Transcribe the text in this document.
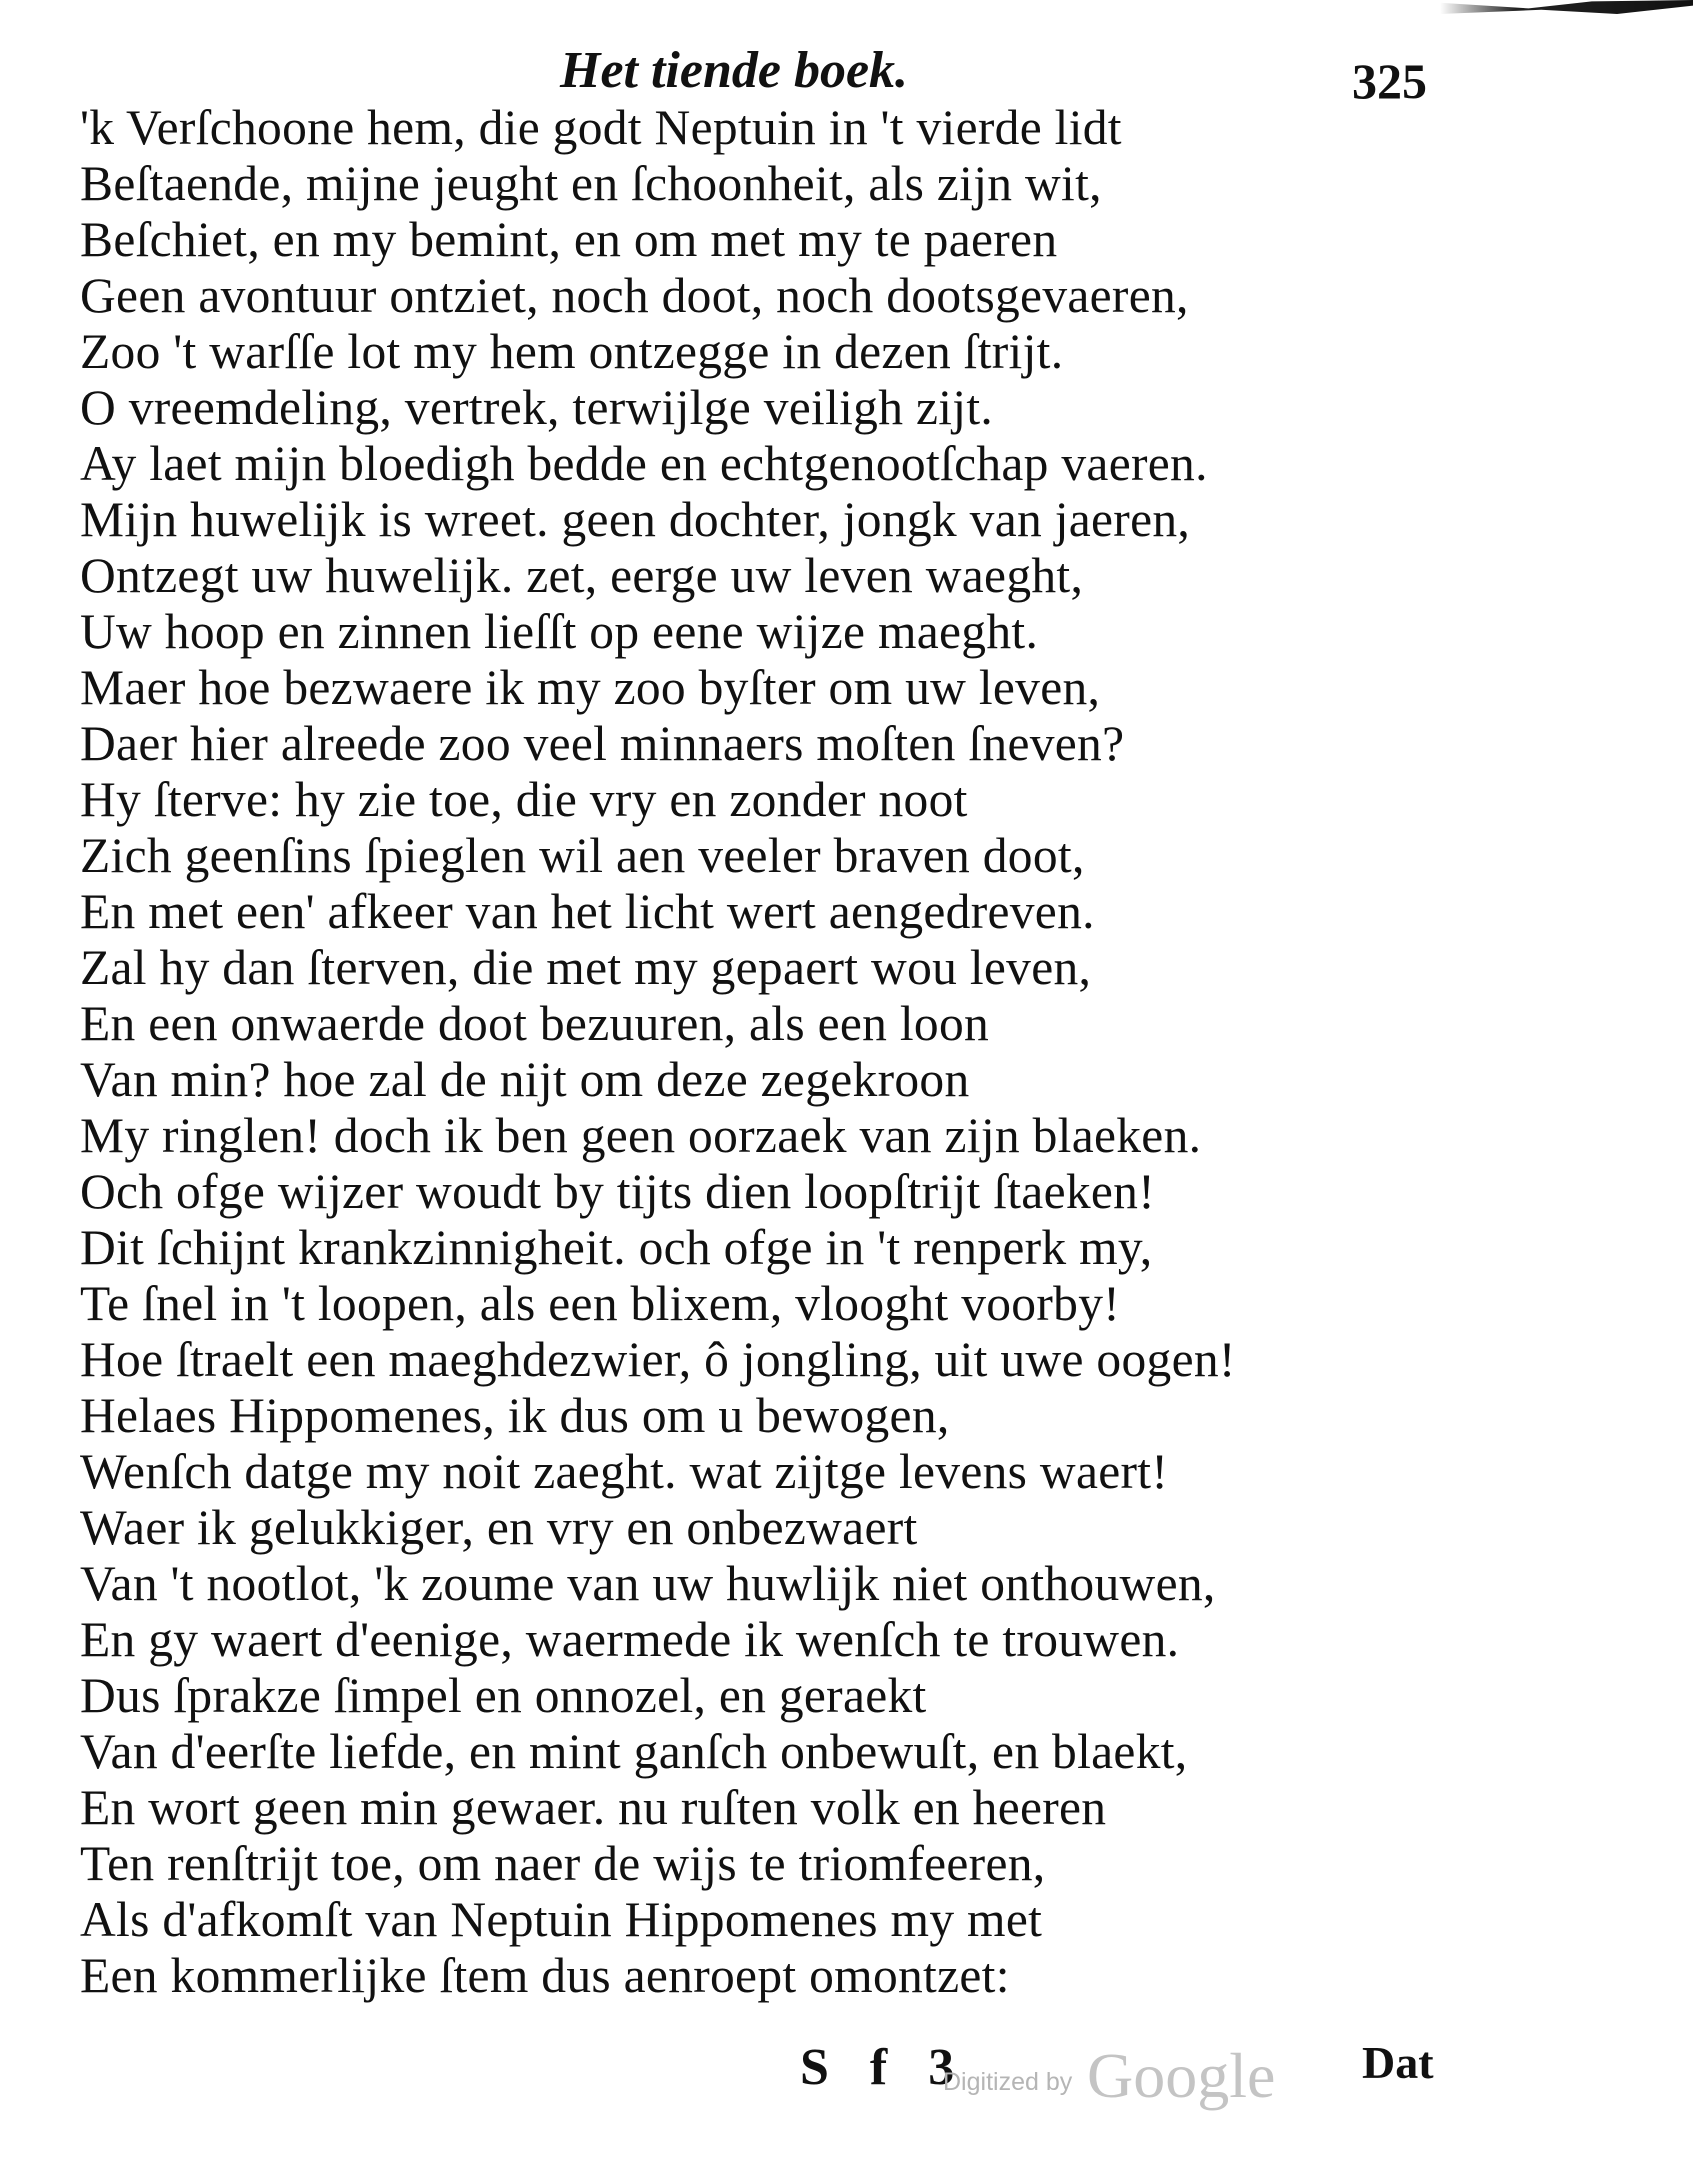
Het tiende boek.	325
'k Verſchoone hem, die godt Neptuin in 't vierde lidt
Beſtaende, mijne jeught en ſchoonheit, als zijn wit,
Beſchiet, en my bemint, en om met my te paeren
Geen avontuur ontziet, noch doot, noch dootsgevaeren,
Zoo 't warſſe lot my hem ontzegge in dezen ſtrijt.
O vreemdeling, vertrek, terwijlge veiligh zijt.
Ay laet mijn bloedigh bedde en echtgenootſchap vaeren.
Mijn huwelijk is wreet. geen dochter, jongk van jaeren,
Ontzegt uw huwelijk. zet, eerge uw leven waeght,
Uw hoop en zinnen lieſſt op eene wijze maeght.
Maer hoe bezwaere ik my zoo byſter om uw leven,
Daer hier alreede zoo veel minnaers moſten ſneven?
Hy ſterve: hy zie toe, die vry en zonder noot
Zich geenſins ſpieglen wil aen veeler braven doot,
En met een' afkeer van het licht wert aengedreven.
Zal hy dan ſterven, die met my gepaert wou leven,
En een onwaerde doot bezuuren, als een loon
Van min? hoe zal de nijt om deze zegekroon
My ringlen! doch ik ben geen oorzaek van zijn blaeken.
Och ofge wijzer woudt by tijts dien loopſtrijt ſtaeken!
Dit ſchijnt krankzinnigheit. och ofge in 't renperk my,
Te ſnel in 't loopen, als een blixem, vlooght voorby!
Hoe ſtraelt een maeghdezwier, ô jongling, uit uwe oogen!
Helaes Hippomenes, ik dus om u bewogen,
Wenſch datge my noit zaeght. wat zijtge levens waert!
Waer ik gelukkiger, en vry en onbezwaert
Van 't nootlot, 'k zoume van uw huwlijk niet onthouwen,
En gy waert d'eenige, waermede ik wenſch te trouwen.
Dus ſprakze ſimpel en onnozel, en geraekt
Van d'eerſte liefde, en mint ganſch onbewuſt, en blaekt,
En wort geen min gewaer. nu ruſten volk en heeren
Ten renſtrijt toe, om naer de wijs te triomfeeren,
Als d'afkomſt van Neptuin Hippomenes my met
Een kommerlijke ſtem dus aenroept omontzet:
S f 3
Digitized by Google Dat
